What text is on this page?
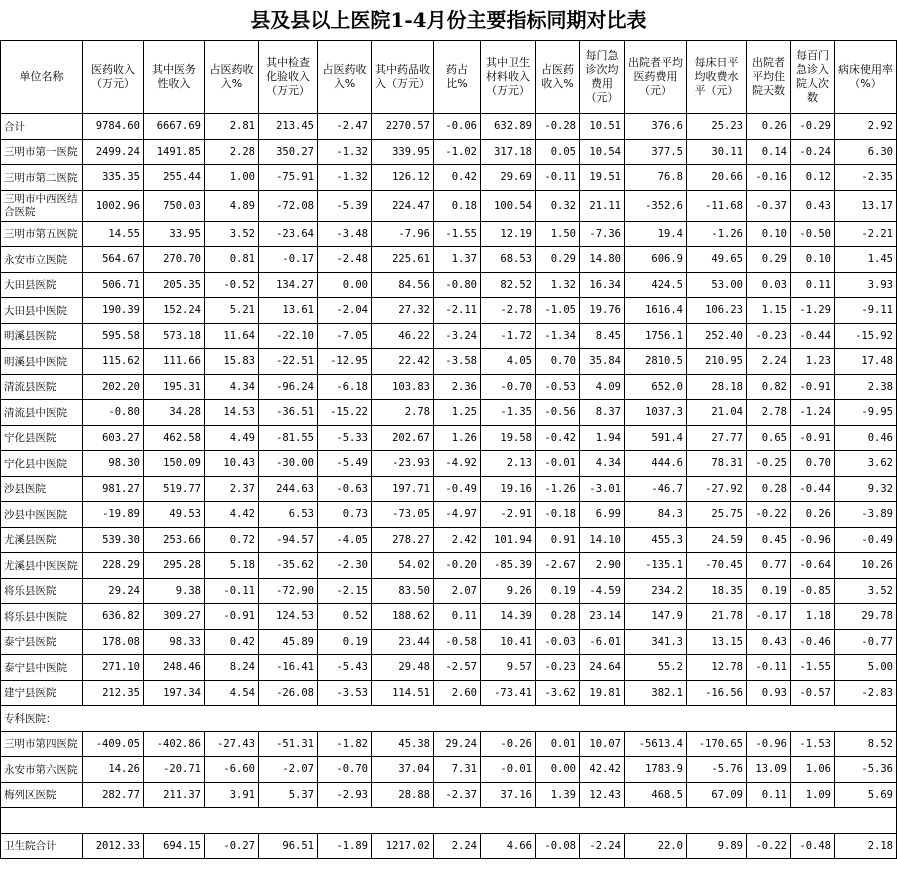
县及县以上医院1-4月份主要指标同期对比表
单位名称	医药收入（万元）	其中医务性收入	占医药收入%	其中检查化验收入（万元）	占医药收入%	其中药品收入（万元）	药占比%	其中卫生材料收入（万元）	占医药收入%	每门急诊次均费用（元）	出院者平均医药费用（元）	每床日平均收费水平（元）	出院者平均住院天数	每百门急诊入院人次数	病床使用率（%）
合计	9784.60	6667.69	2.81	213.45	-2.47	2270.57	-0.06	632.89	-0.28	10.51	376.6	25.23	0.26	-0.29	2.92
三明市第一医院	2499.24	1491.85	2.28	350.27	-1.32	339.95	-1.02	317.18	0.05	10.54	377.5	30.11	0.14	-0.24	6.30
三明市第二医院	335.35	255.44	1.00	-75.91	-1.32	126.12	0.42	29.69	-0.11	19.51	76.8	20.66	-0.16	0.12	-2.35
三明市中西医结合医院	1002.96	750.03	4.89	-72.08	-5.39	224.47	0.18	100.54	0.32	21.11	-352.6	-11.68	-0.37	0.43	13.17
三明市第五医院	14.55	33.95	3.52	-23.64	-3.48	-7.96	-1.55	12.19	1.50	-7.36	19.4	-1.26	0.10	-0.50	-2.21
永安市立医院	564.67	270.70	0.81	-0.17	-2.48	225.61	1.37	68.53	0.29	14.80	606.9	49.65	0.29	0.10	1.45
大田县医院	506.71	205.35	-0.52	134.27	0.00	84.56	-0.80	82.52	1.32	16.34	424.5	53.00	0.03	0.11	3.93
大田县中医院	190.39	152.24	5.21	13.61	-2.04	27.32	-2.11	-2.78	-1.05	19.76	1616.4	106.23	1.15	-1.29	-9.11
明溪县医院	595.58	573.18	11.64	-22.10	-7.05	46.22	-3.24	-1.72	-1.34	8.45	1756.1	252.40	-0.23	-0.44	-15.92
明溪县中医院	115.62	111.66	15.83	-22.51	-12.95	22.42	-3.58	4.05	0.70	35.84	2810.5	210.95	2.24	1.23	17.48
清流县医院	202.20	195.31	4.34	-96.24	-6.18	103.83	2.36	-0.70	-0.53	4.09	652.0	28.18	0.82	-0.91	2.38
清流县中医院	-0.80	34.28	14.53	-36.51	-15.22	2.78	1.25	-1.35	-0.56	8.37	1037.3	21.04	2.78	-1.24	-9.95
宁化县医院	603.27	462.58	4.49	-81.55	-5.33	202.67	1.26	19.58	-0.42	1.94	591.4	27.77	0.65	-0.91	0.46
宁化县中医院	98.30	150.09	10.43	-30.00	-5.49	-23.93	-4.92	2.13	-0.01	4.34	444.6	78.31	-0.25	0.70	3.62
沙县医院	981.27	519.77	2.37	244.63	-0.63	197.71	-0.49	19.16	-1.26	-3.01	-46.7	-27.92	0.28	-0.44	9.32
沙县中医医院	-19.89	49.53	4.42	6.53	0.73	-73.05	-4.97	-2.91	-0.18	6.99	84.3	25.75	-0.22	0.26	-3.89
尤溪县医院	539.30	253.66	0.72	-94.57	-4.05	278.27	2.42	101.94	0.91	14.10	455.3	24.59	0.45	-0.96	-0.49
尤溪县中医医院	228.29	295.28	5.18	-35.62	-2.30	54.02	-0.20	-85.39	-2.67	2.90	-135.1	-70.45	0.77	-0.64	10.26
将乐县医院	29.24	9.38	-0.11	-72.90	-2.15	83.50	2.07	9.26	0.19	-4.59	234.2	18.35	0.19	-0.85	3.52
将乐县中医院	636.82	309.27	-0.91	124.53	0.52	188.62	0.11	14.39	0.28	23.14	147.9	21.78	-0.17	1.18	29.78
泰宁县医院	178.08	98.33	0.42	45.89	0.19	23.44	-0.58	10.41	-0.03	-6.01	341.3	13.15	0.43	-0.46	-0.77
泰宁县中医院	271.10	248.46	8.24	-16.41	-5.43	29.48	-2.57	9.57	-0.23	24.64	55.2	12.78	-0.11	-1.55	5.00
建宁县医院	212.35	197.34	4.54	-26.08	-3.53	114.51	2.60	-73.41	-3.62	19.81	382.1	-16.56	0.93	-0.57	-2.83
专科医院：															
三明市第四医院	-409.05	-402.86	-27.43	-51.31	-1.82	45.38	29.24	-0.26	0.01	10.07	-5613.4	-170.65	-0.96	-1.53	8.52
永安市第六医院	14.26	-20.71	-6.60	-2.07	-0.70	37.04	7.31	-0.01	0.00	42.42	1783.9	-5.76	13.09	1.06	-5.36
梅列区医院	282.77	211.37	3.91	5.37	-2.93	28.88	-2.37	37.16	1.39	12.43	468.5	67.09	0.11	1.09	5.69

卫生院合计	2012.33	694.15	-0.27	96.51	-1.89	1217.02	2.24	4.66	-0.08	-2.24	22.0	9.89	-0.22	-0.48	2.18
